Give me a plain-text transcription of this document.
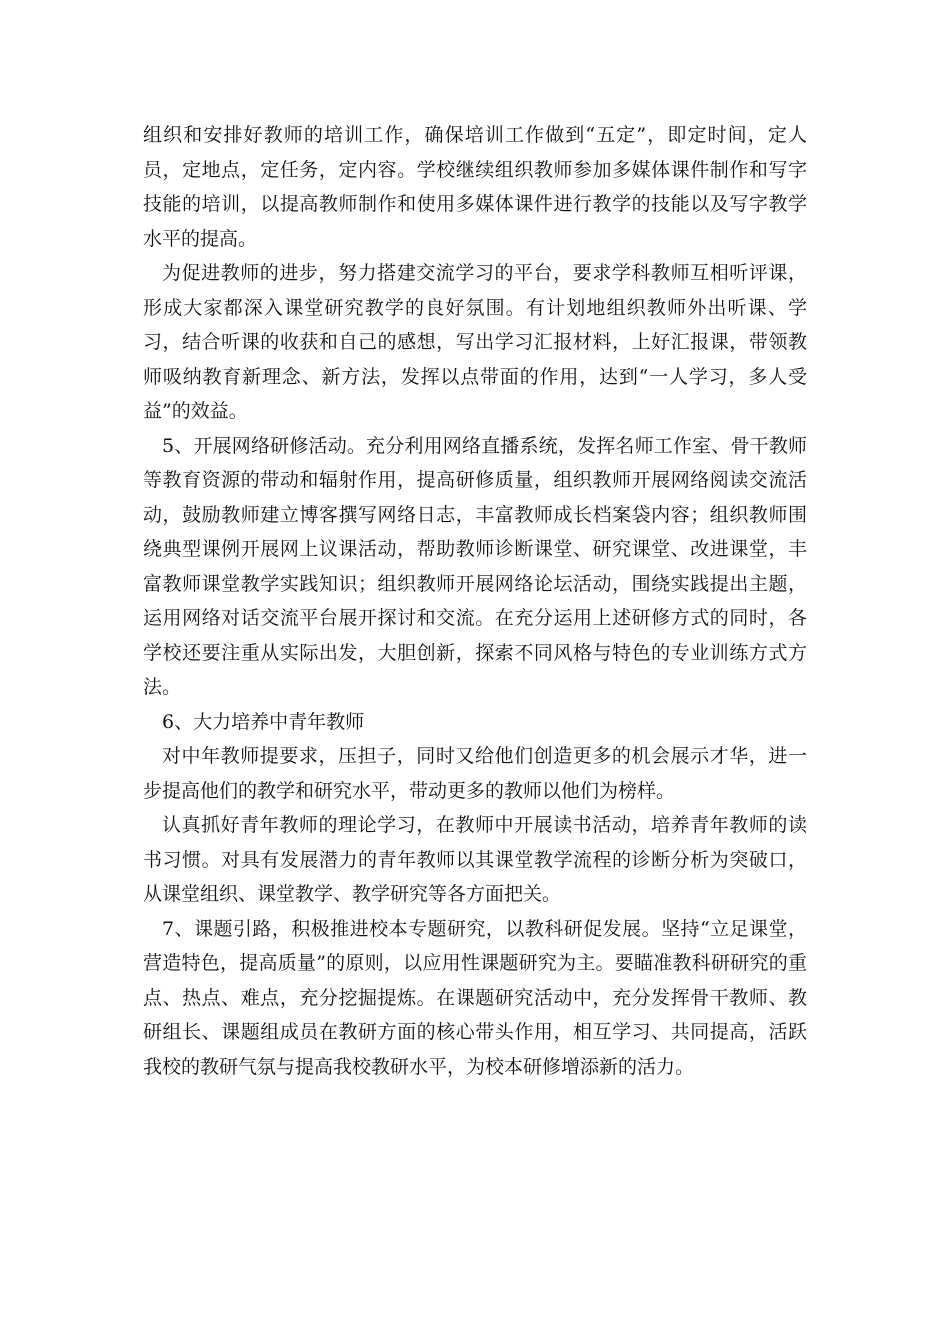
组织和安排好教师的培训工作，确保培训工作做到“五定”，即定时间，定人员，定地点，定任务，定内容。学校继续组织教师参加多媒体课件制作和写字技能的培训，以提高教师制作和使用多媒体课件进行教学的技能以及写字教学水平的提高。

为促进教师的进步，努力搭建交流学习的平台，要求学科教师互相听评课，形成大家都深入课堂研究教学的良好氛围。有计划地组织教师外出听课、学习，结合听课的收获和自己的感想，写出学习汇报材料，上好汇报课，带领教师吸纳教育新理念、新方法，发挥以点带面的作用，达到“一人学习，多人受益”的效益。

5、开展网络研修活动。充分利用网络直播系统，发挥名师工作室、骨干教师等教育资源的带动和辐射作用，提高研修质量，组织教师开展网络阅读交流活动，鼓励教师建立博客撰写网络日志，丰富教师成长档案袋内容；组织教师围绕典型课例开展网上议课活动，帮助教师诊断课堂、研究课堂、改进课堂，丰富教师课堂教学实践知识；组织教师开展网络论坛活动，围绕实践提出主题，运用网络对话交流平台展开探讨和交流。在充分运用上述研修方式的同时，各学校还要注重从实际出发，大胆创新，探索不同风格与特色的专业训练方式方法。

6、大力培养中青年教师

对中年教师提要求，压担子，同时又给他们创造更多的机会展示才华，进一步提高他们的教学和研究水平，带动更多的教师以他们为榜样。

认真抓好青年教师的理论学习，在教师中开展读书活动，培养青年教师的读书习惯。对具有发展潜力的青年教师以其课堂教学流程的诊断分析为突破口，从课堂组织、课堂教学、教学研究等各方面把关。

7、课题引路，积极推进校本专题研究，以教科研促发展。坚持“立足课堂，营造特色，提高质量”的原则，以应用性课题研究为主。要瞄准教科研研究的重点、热点、难点，充分挖掘提炼。在课题研究活动中，充分发挥骨干教师、教研组长、课题组成员在教研方面的核心带头作用，相互学习、共同提高，活跃我校的教研气氛与提高我校教研水平，为校本研修增添新的活力。
